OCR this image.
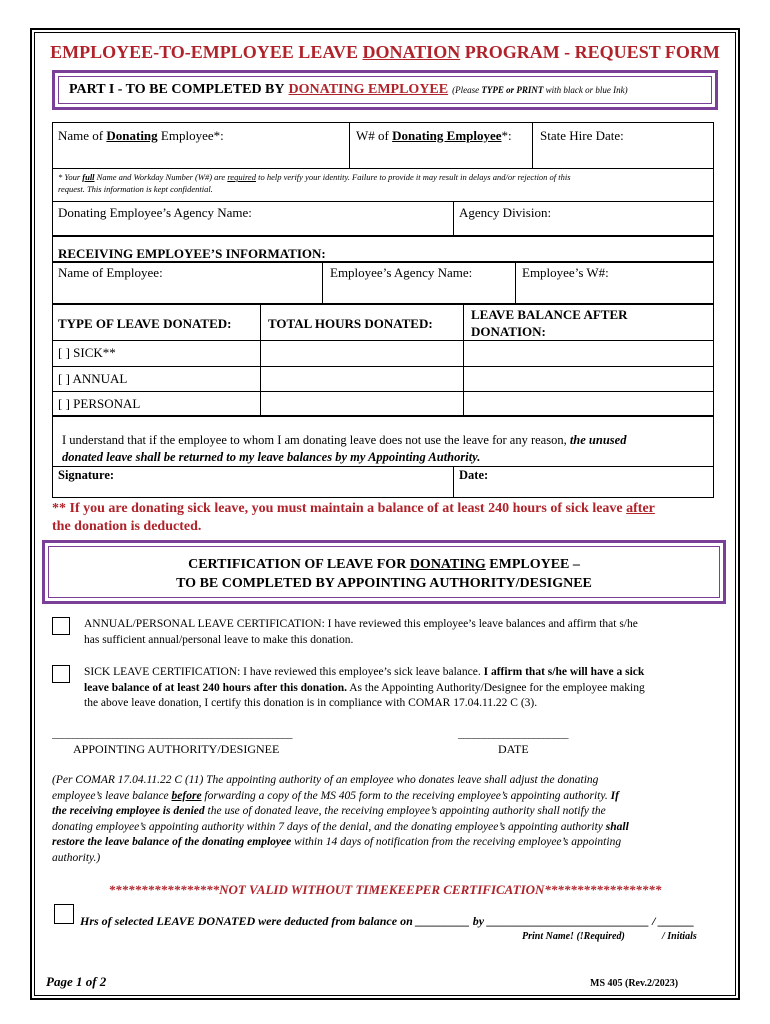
EMPLOYEE-TO-EMPLOYEE LEAVE DONATION PROGRAM - REQUEST FORM
PART I - TO BE COMPLETED BY DONATING EMPLOYEE (Please TYPE or PRINT with black or blue Ink)
Name of Donating Employee*:	W# of Donating Employee*: State Hire Date:
* Your full Name and Workday Number (W#) are required to help verify your identity. Failure to provide it may result in delays and/or rejection of this
request. This information is kept confidential.
Donating Employee’s Agency Name:	Agency Division:
RECEIVING EMPLOYEE’S INFORMATION:
Name of Employee:	Employee’s Agency Name:	Employee’s W#:
TYPE OF LEAVE DONATED:	TOTAL HOURS DONATED:
LEAVE BALANCE AFTER
DONATION:
[ ] SICK**
[ ] ANNUAL
[ ] PERSONAL
I understand that if the employee to whom I am donating leave does not use the leave for any reason, the unused
donated leave shall be returned to my leave balances by my Appointing Authority.
Signature:	Date:
** If you are donating sick leave, you must maintain a balance of at least 240 hours of sick leave after
the donation is deducted.
CERTIFICATION OF LEAVE FOR DONATING EMPLOYEE –
TO BE COMPLETED BY APPOINTING AUTHORITY/DESIGNEE
ANNUAL/PERSONAL LEAVE CERTIFICATION: I have reviewed this employee’s leave balances and affirm that s/he
has sufficient annual/personal leave to make this donation.
SICK LEAVE CERTIFICATION: I have reviewed this employee’s sick leave balance. I affirm that s/he will have a sick
leave balance of at least 240 hours after this donation. As the Appointing Authority/Designee for the employee making
the above leave donation, I certify this donation is in compliance with COMAR 17.04.11.22 C (3).
________________________________________________	______________________
APPOINTING AUTHORITY/DESIGNEE	DATE
(Per COMAR 17.04.11.22 C (11) The appointing authority of an employee who donates leave shall adjust the donating
employee’s leave balance before forwarding a copy of the MS 405 form to the receiving employee’s appointing authority. If
the receiving employee is denied the use of donated leave, the receiving employee’s appointing authority shall notify the
donating employee’s appointing authority within 7 days of the denial, and the donating employee’s appointing authority shall
restore the leave balance of the donating employee within 14 days of notification from the receiving employee’s appointing
authority.)
*****************NOT VALID WITHOUT TIMEKEEPER CERTIFICATION******************
Hrs of selected LEAVE DONATED were deducted from balance on _________ by ___________________________ / ______
Print Name! (!Required)	/ Initials
Page 1 of 2	MS 405 (Rev.2/2023)
